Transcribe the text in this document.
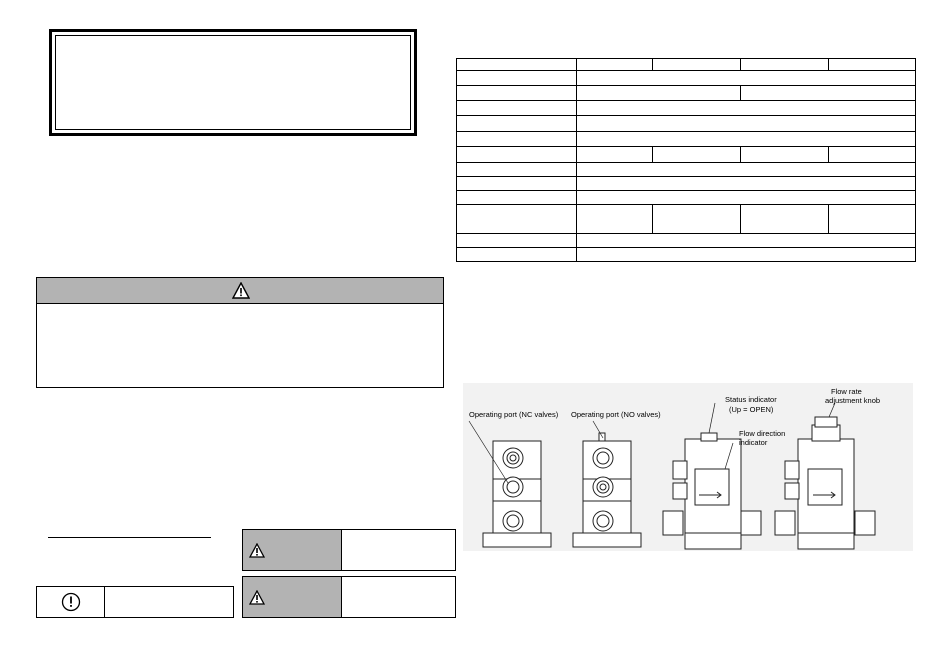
Operating port (NC valves) Operating port (NO valves)
Status indicator
(Up = OPEN)
Flow direction
indicator
Flow rate
adjustment knob
